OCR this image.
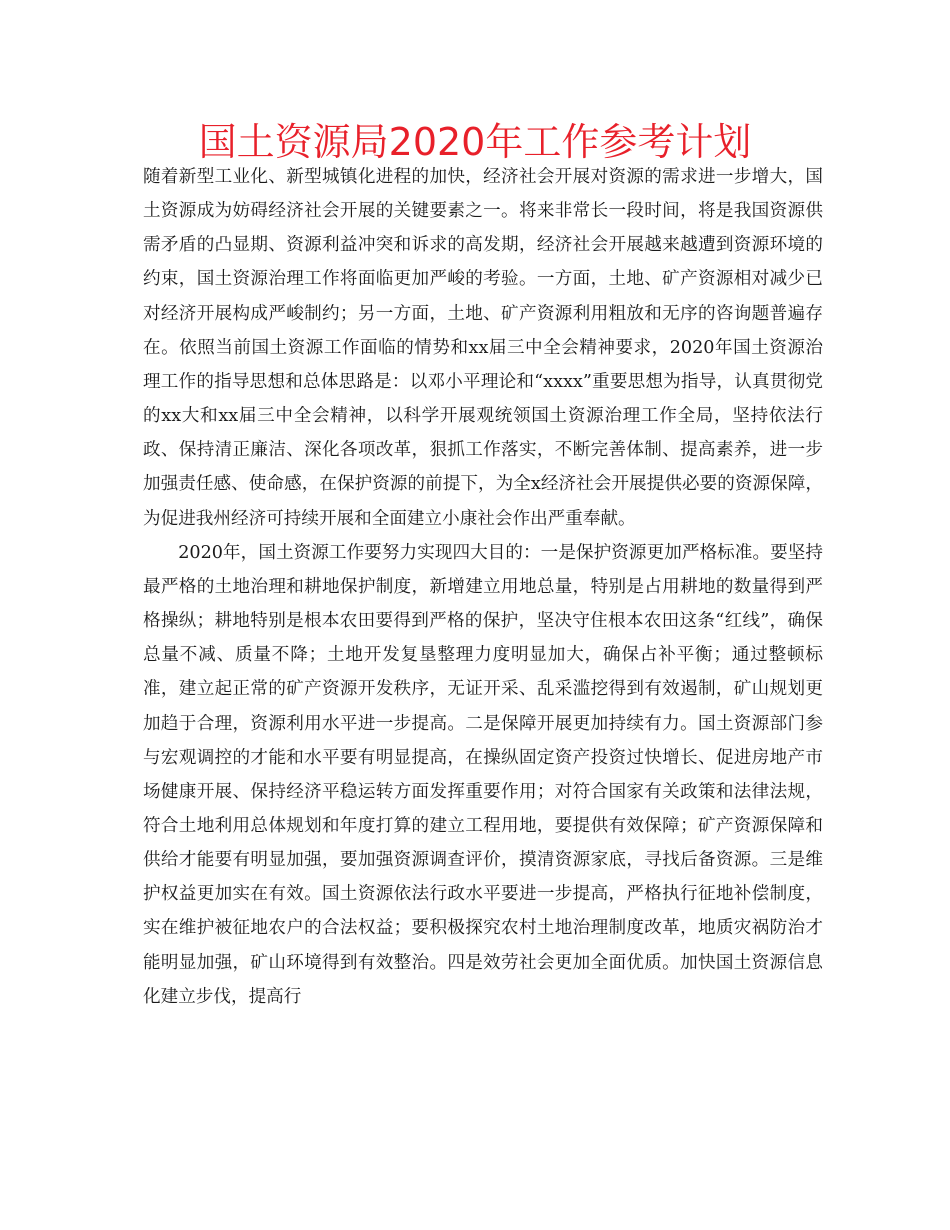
国土资源局2020年工作参考计划

随着新型工业化、新型城镇化进程的加快，经济社会开展对资源的需求进一步增大，国土资源成为妨碍经济社会开展的关键要素之一。将来非常长一段时间，将是我国资源供需矛盾的凸显期、资源利益冲突和诉求的高发期，经济社会开展越来越遭到资源环境的约束，国土资源治理工作将面临更加严峻的考验。一方面，土地、矿产资源相对减少已对经济开展构成严峻制约；另一方面，土地、矿产资源利用粗放和无序的咨询题普遍存在。依照当前国土资源工作面临的情势和xx届三中全会精神要求，2020年国土资源治理工作的指导思想和总体思路是：以邓小平理论和“xxxx”重要思想为指导，认真贯彻党的xx大和xx届三中全会精神，以科学开展观统领国土资源治理工作全局，坚持依法行政、保持清正廉洁、深化各项改革，狠抓工作落实，不断完善体制、提高素养，进一步加强责任感、使命感，在保护资源的前提下，为全x经济社会开展提供必要的资源保障，为促进我州经济可持续开展和全面建立小康社会作出严重奉献。

2020年，国土资源工作要努力实现四大目的：一是保护资源更加严格标准。要坚持最严格的土地治理和耕地保护制度，新增建立用地总量，特别是占用耕地的数量得到严格操纵；耕地特别是根本农田要得到严格的保护，坚决守住根本农田这条“红线”，确保总量不减、质量不降；土地开发复垦整理力度明显加大，确保占补平衡；通过整顿标准，建立起正常的矿产资源开发秩序，无证开采、乱采滥挖得到有效遏制，矿山规划更加趋于合理，资源利用水平进一步提高。二是保障开展更加持续有力。国土资源部门参与宏观调控的才能和水平要有明显提高，在操纵固定资产投资过快增长、促进房地产市场健康开展、保持经济平稳运转方面发挥重要作用；对符合国家有关政策和法律法规，符合土地利用总体规划和年度打算的建立工程用地，要提供有效保障；矿产资源保障和供给才能要有明显加强，要加强资源调查评价，摸清资源家底，寻找后备资源。三是维护权益更加实在有效。国土资源依法行政水平要进一步提高，严格执行征地补偿制度，实在维护被征地农户的合法权益；要积极探究农村土地治理制度改革，地质灾祸防治才能明显加强，矿山环境得到有效整治。四是效劳社会更加全面优质。加快国土资源信息化建立步伐，提高行
